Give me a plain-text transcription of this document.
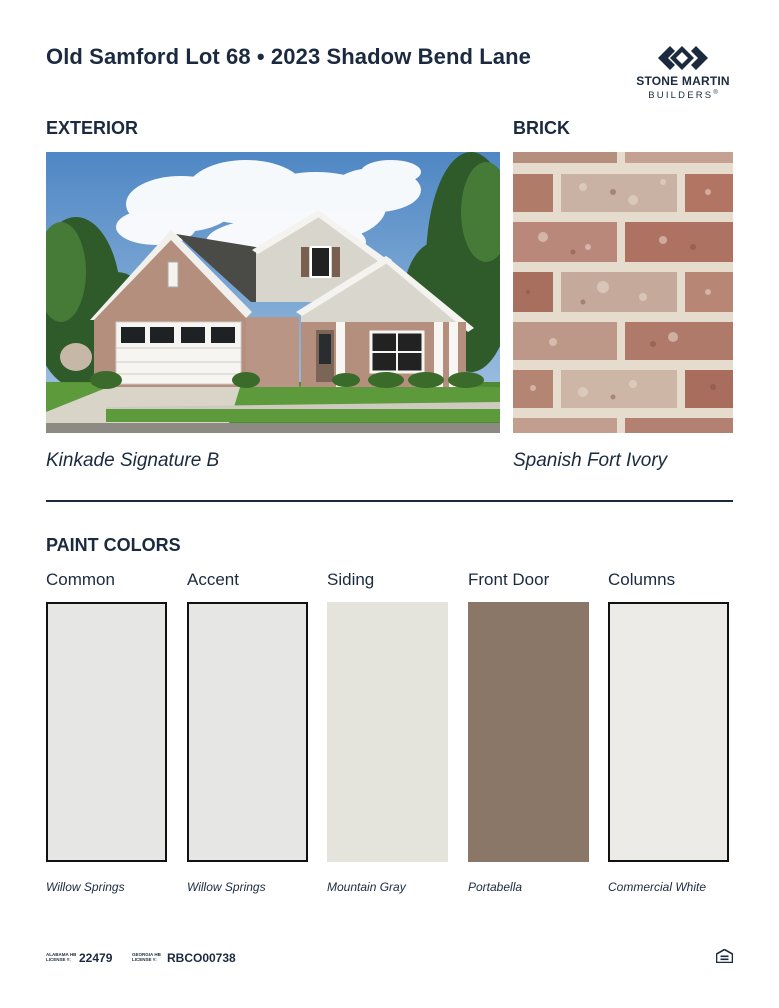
Old Samford Lot 68 • 2023 Shadow Bend Lane
STONE MARTIN
BUILDERS®
EXTERIOR
Kinkade Signature B
BRICK
Spanish Fort Ivory
PAINT COLORS
Common	Accent	Siding	Front Door	Columns
Willow Springs	Willow Springs	Mountain Gray	Portabella	Commercial White
ALABAMA HB
LICENSE #: 22479	GEORGIA HB
LICENSE #: RBCO00738
